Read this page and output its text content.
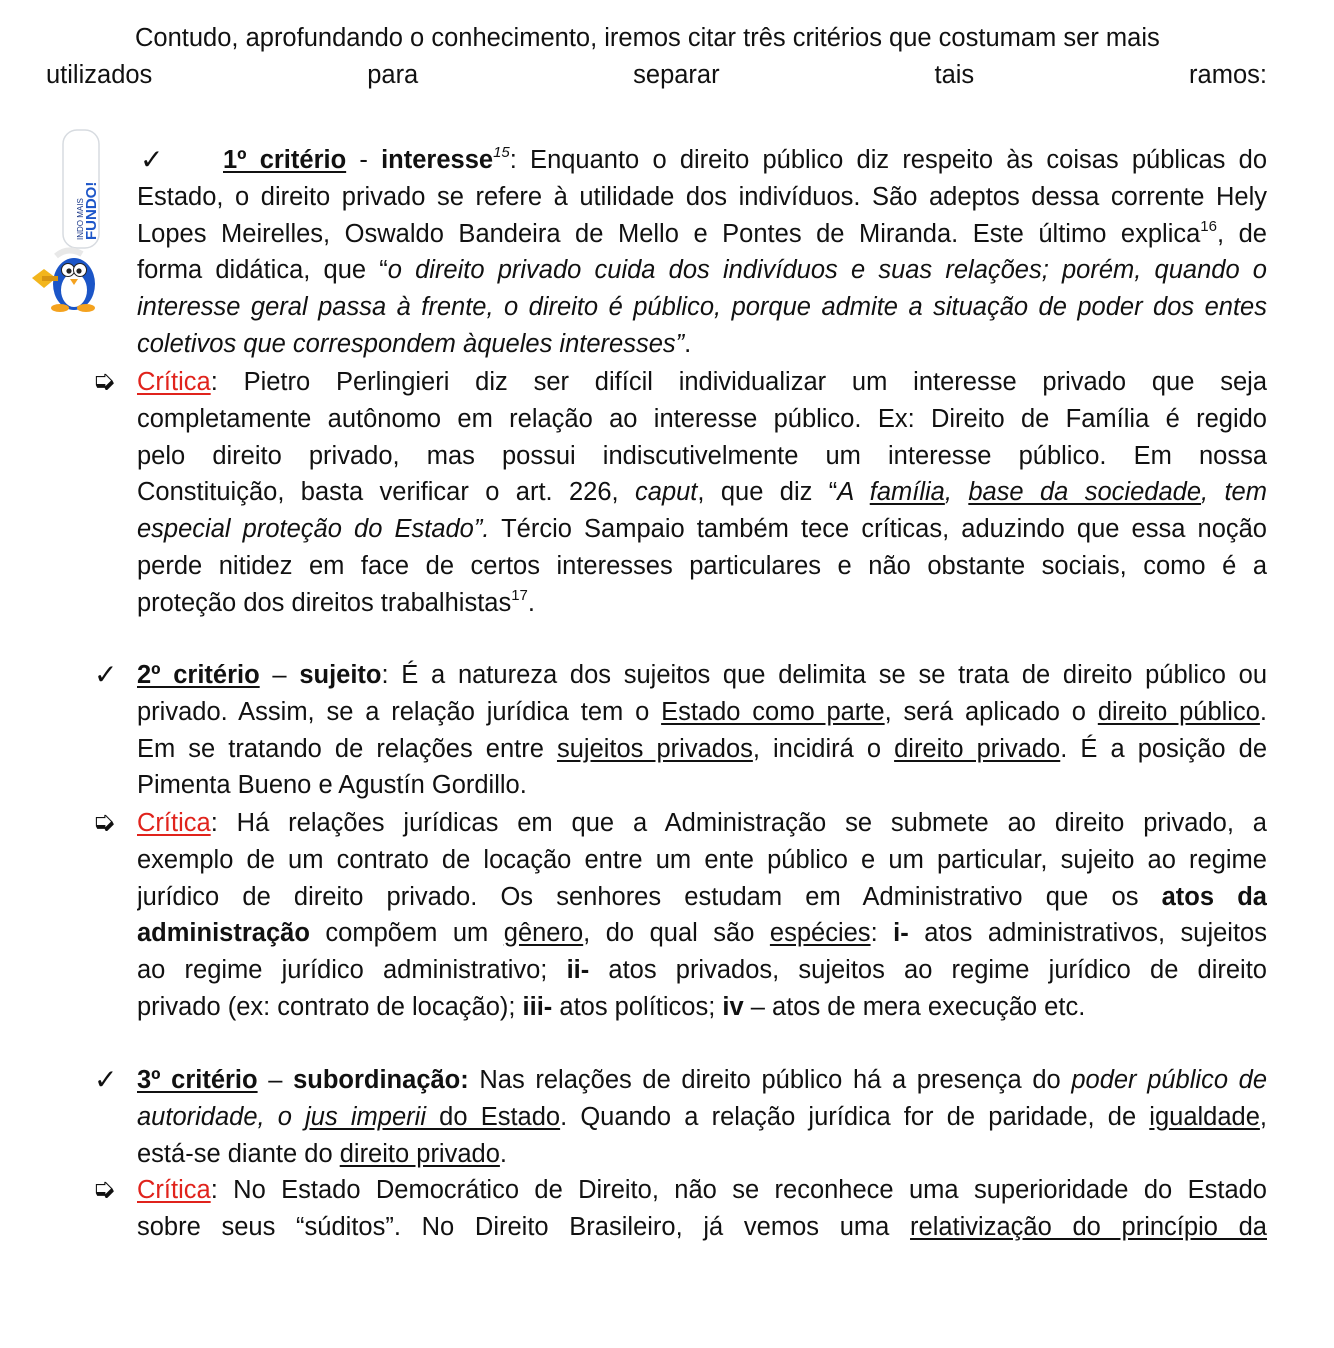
Contudo, aprofundando o conhecimento, iremos citar três critérios que costumam ser mais
utilizados para separar tais ramos:
INDO MAIS
FUNDO!
✓	1º critério - interesse$^{15}$: Enquanto o direito público diz respeito às coisas públicas do
Estado, o direito privado se refere à utilidade dos indivíduos. São adeptos dessa corrente Hely
Lopes Meirelles, Oswaldo Bandeira de Mello e Pontes de Miranda. Este último explica$^{16}$, de
forma didática, que “o direito privado cuida dos indivíduos e suas relações; porém, quando o
interesse geral passa à frente, o direito é público, porque admite a situação de poder dos entes
coletivos que correspondem àqueles interesses”.
➭ Crítica: Pietro Perlingieri diz ser difícil individualizar um interesse privado que seja
completamente autônomo em relação ao interesse público. Ex: Direito de Família é regido
pelo direito privado, mas possui indiscutivelmente um interesse público. Em nossa
Constituição, basta verificar o art. 226, caput, que diz “A família, base da sociedade, tem
especial proteção do Estado”. Tércio Sampaio também tece críticas, aduzindo que essa noção
perde nitidez em face de certos interesses particulares e não obstante sociais, como é a
proteção dos direitos trabalhistas$^{17}$.
✓ 2º critério – sujeito: É a natureza dos sujeitos que delimita se se trata de direito público ou
privado. Assim, se a relação jurídica tem o Estado como parte, será aplicado o direito público.
Em se tratando de relações entre sujeitos privados, incidirá o direito privado. É a posição de
Pimenta Bueno e Agustín Gordillo.
➭ Crítica: Há relações jurídicas em que a Administração se submete ao direito privado, a
exemplo de um contrato de locação entre um ente público e um particular, sujeito ao regime
jurídico de direito privado. Os senhores estudam em Administrativo que os atos da
administração compõem um gênero, do qual são espécies: i- atos administrativos, sujeitos
ao regime jurídico administrativo; ii- atos privados, sujeitos ao regime jurídico de direito
privado (ex: contrato de locação); iii- atos políticos; iv – atos de mera execução etc.
✓ 3º critério – subordinação: Nas relações de direito público há a presença do poder público de
autoridade, o jus imperii do Estado. Quando a relação jurídica for de paridade, de igualdade,
está-se diante do direito privado.
➭ Crítica: No Estado Democrático de Direito, não se reconhece uma superioridade do Estado
sobre seus “súditos”. No Direito Brasileiro, já vemos uma relativização do princípio da
